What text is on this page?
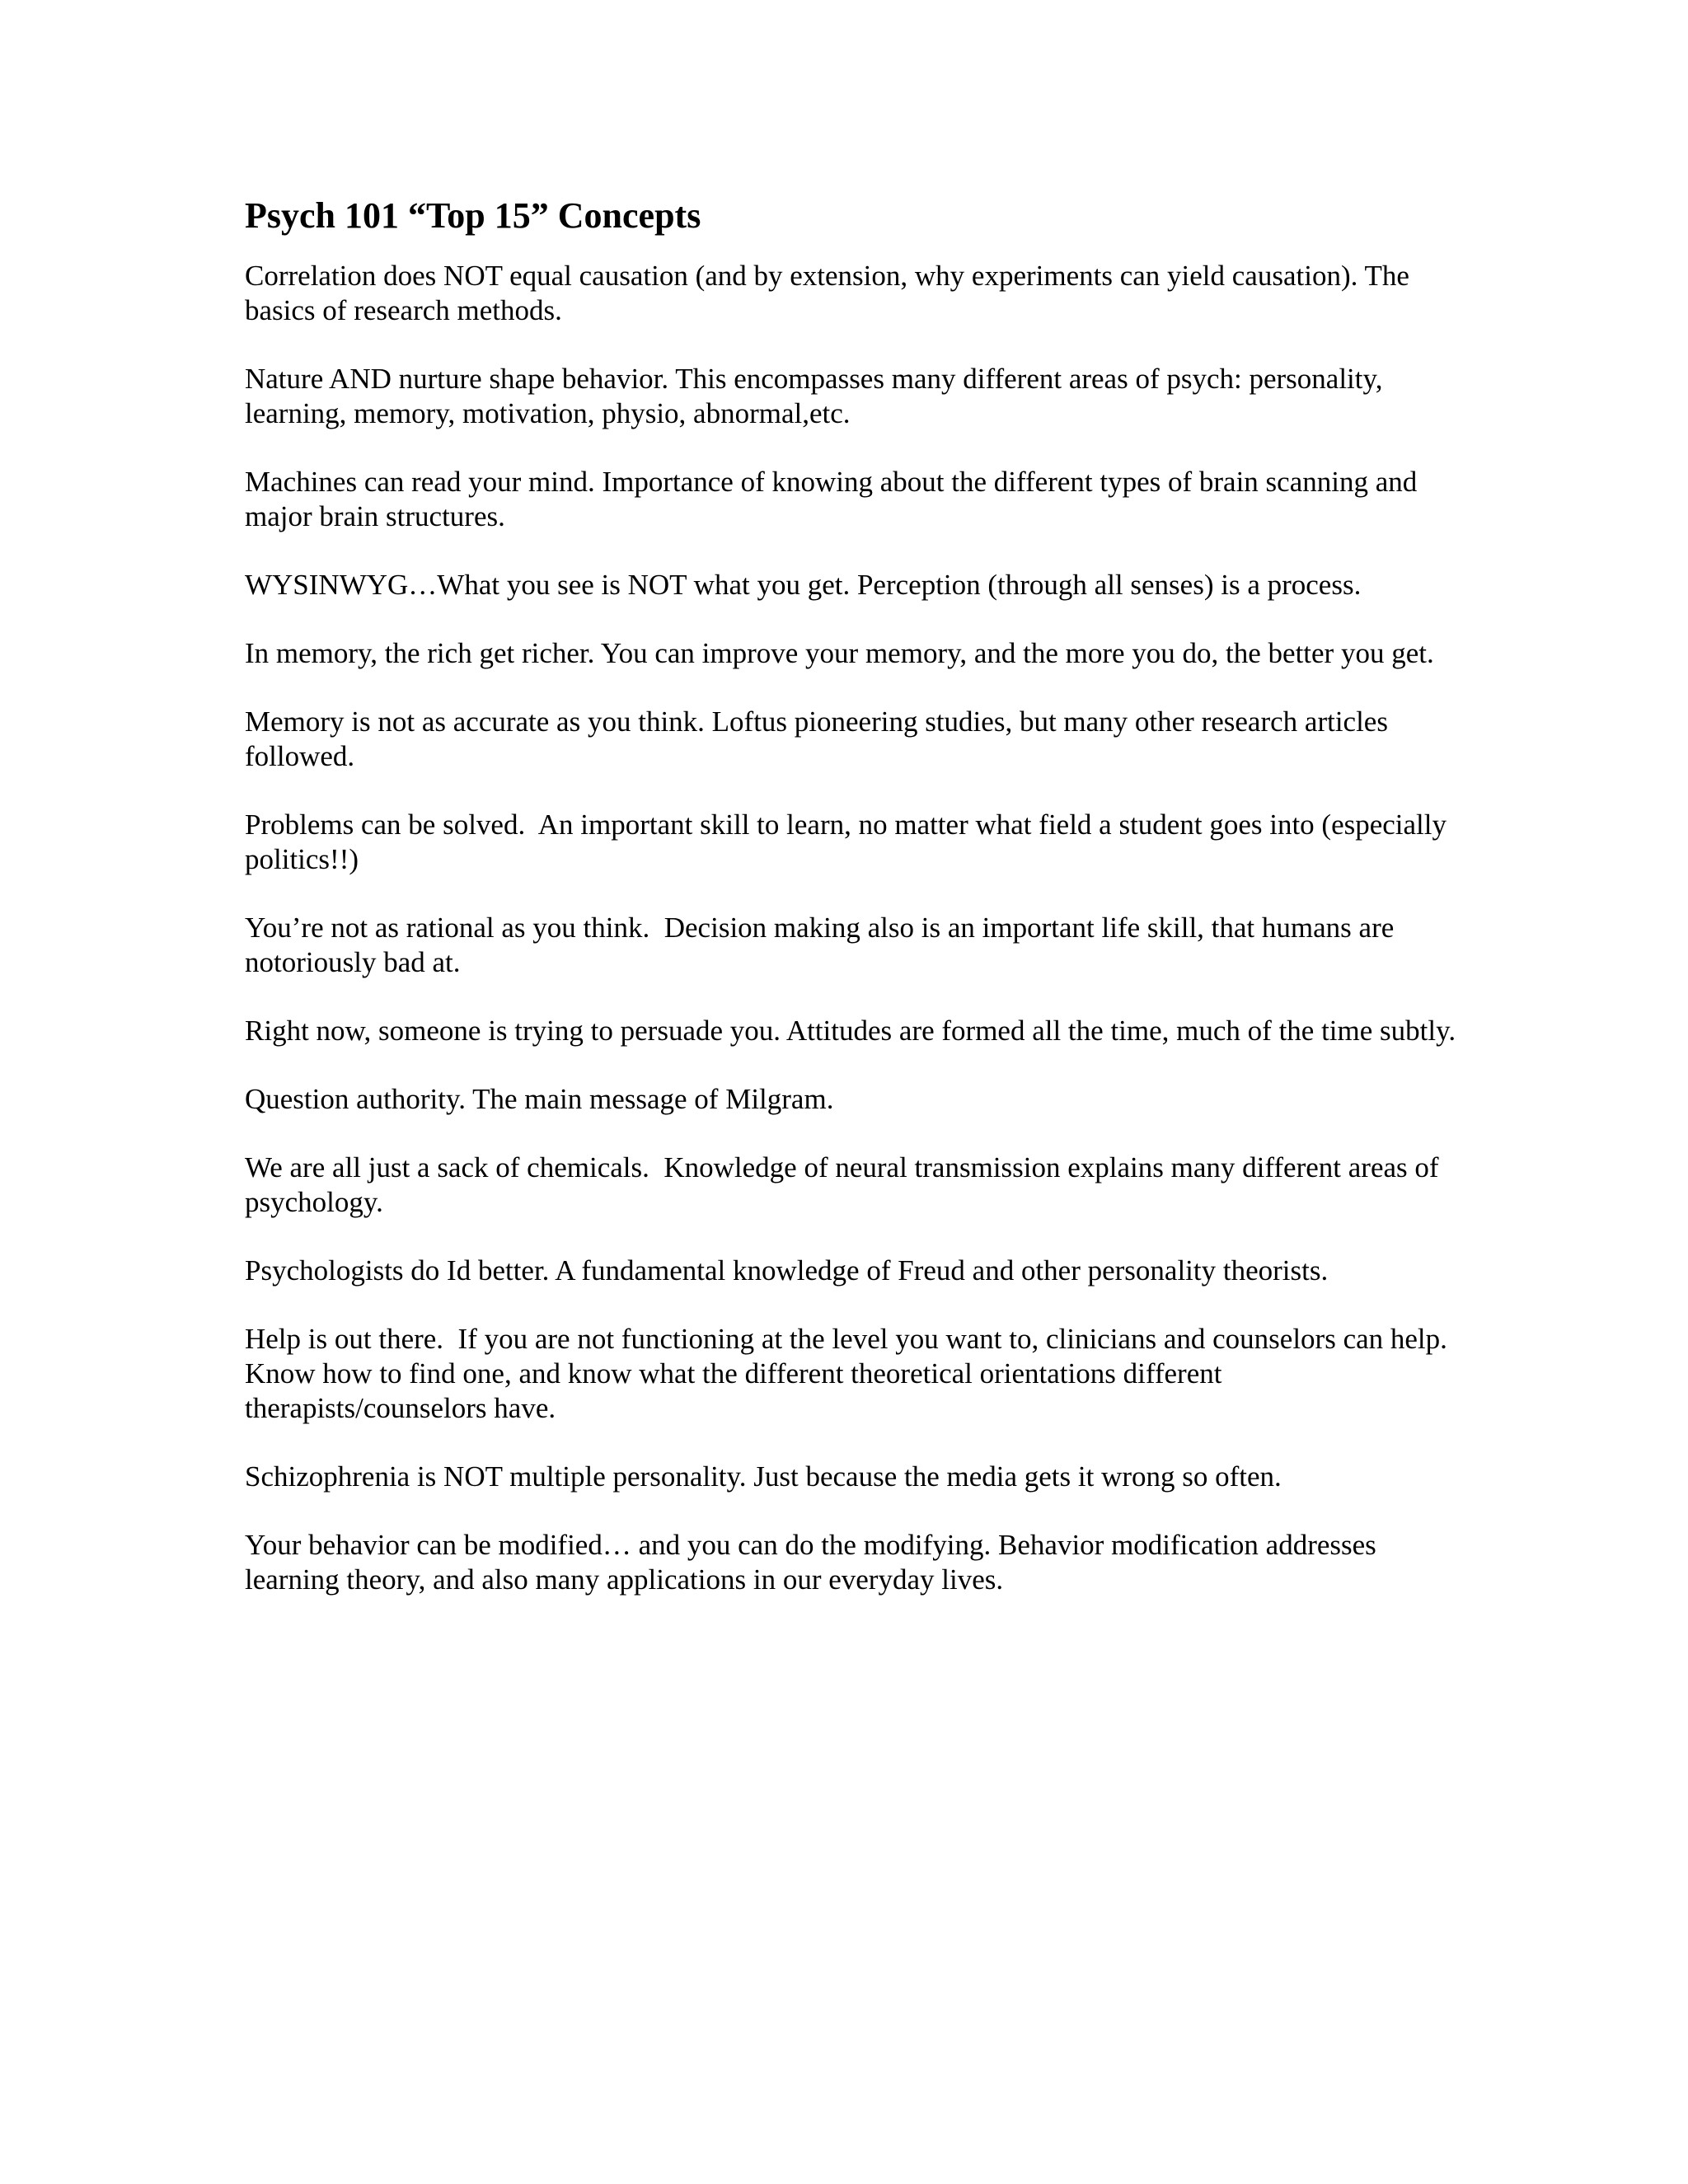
Psych 101 “Top 15” Concepts
Correlation does NOT equal causation (and by extension, why experiments can yield causation). The basics of research methods.
Nature AND nurture shape behavior. This encompasses many different areas of psych: personality, learning, memory, motivation, physio, abnormal,etc.
Machines can read your mind. Importance of knowing about the different types of brain scanning and major brain structures.
WYSINWYG…What you see is NOT what you get. Perception (through all senses) is a process.
In memory, the rich get richer. You can improve your memory, and the more you do, the better you get.
Memory is not as accurate as you think. Loftus pioneering studies, but many other research articles followed.
Problems can be solved.  An important skill to learn, no matter what field a student goes into (especially politics!!)
You’re not as rational as you think.  Decision making also is an important life skill, that humans are notoriously bad at.
Right now, someone is trying to persuade you. Attitudes are formed all the time, much of the time subtly.
Question authority. The main message of Milgram.
We are all just a sack of chemicals.  Knowledge of neural transmission explains many different areas of psychology.
Psychologists do Id better. A fundamental knowledge of Freud and other personality theorists.
Help is out there.  If you are not functioning at the level you want to, clinicians and counselors can help. Know how to find one, and know what the different theoretical orientations different therapists/counselors have.
Schizophrenia is NOT multiple personality. Just because the media gets it wrong so often.
Your behavior can be modified… and you can do the modifying. Behavior modification addresses learning theory, and also many applications in our everyday lives.
